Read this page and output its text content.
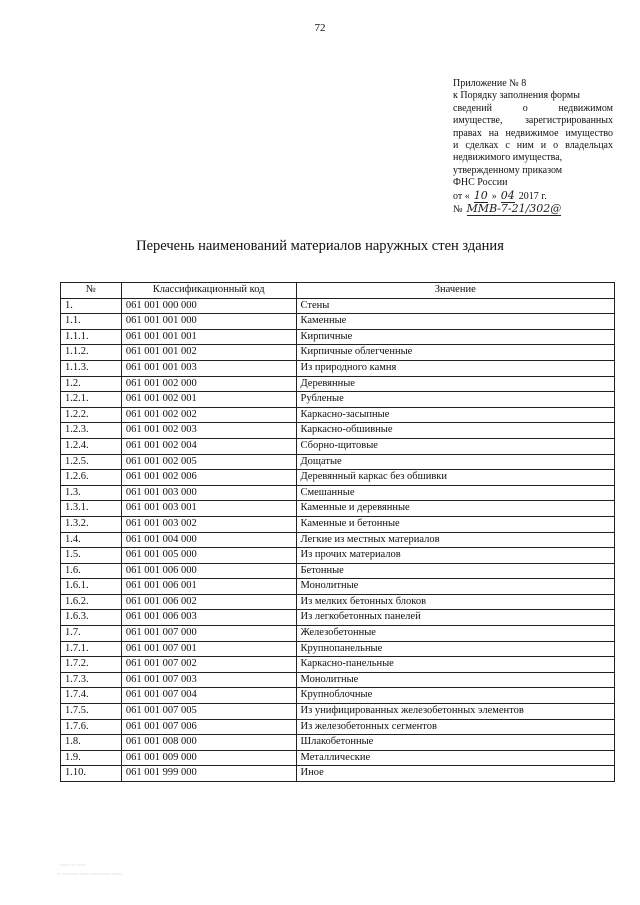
72
Приложение № 8
к Порядку заполнения формы
сведений о недвижимом
имуществе, зарегистрированных
правах на недвижимое имущество
и сделках с ним и о владельцах
недвижимого имущества,
утвержденному приказом
ФНС России
от « 10 » 04 2017 г.
№ ММВ-7-21/302@
Перечень наименований материалов наружных стен здания
№	Классификационный код	Значение
1.	061 001 000 000	Стены
1.1.	061 001 001 000	Каменные
1.1.1.	061 001 001 001	Кирпичные
1.1.2.	061 001 001 002	Кирпичные облегченные
1.1.3.	061 001 001 003	Из природного камня
1.2.	061 001 002 000	Деревянные
1.2.1.	061 001 002 001	Рубленые
1.2.2.	061 001 002 002	Каркасно-засыпные
1.2.3.	061 001 002 003	Каркасно-обшивные
1.2.4.	061 001 002 004	Сборно-щитовые
1.2.5.	061 001 002 005	Дощатые
1.2.6.	061 001 002 006	Деревянный каркас без обшивки
1.3.	061 001 003 000	Смешанные
1.3.1.	061 001 003 001	Каменные и деревянные
1.3.2.	061 001 003 002	Каменные и бетонные
1.4.	061 001 004 000	Легкие из местных материалов
1.5.	061 001 005 000	Из прочих материалов
1.6.	061 001 006 000	Бетонные
1.6.1.	061 001 006 001	Монолитные
1.6.2.	061 001 006 002	Из мелких бетонных блоков
1.6.3.	061 001 006 003	Из легкобетонных панелей
1.7.	061 001 007 000	Железобетонные
1.7.1.	061 001 007 001	Крупнопанельные
1.7.2.	061 001 007 002	Каркасно-панельные
1.7.3.	061 001 007 003	Монолитные
1.7.4.	061 001 007 004	Крупноблочные
1.7.5.	061 001 007 005	Из унифицированных железобетонных элементов
1.7.6.	061 001 007 006	Из железобетонных сегментов
1.8.	061 001 008 000	Шлакобетонные
1.9.	061 001 009 000	Металлические
1.10.	061 001 999 000	Иное
~~~ ~ ~~~
~ ~~~~~ ~~~ ~~~~~~ ~~~
